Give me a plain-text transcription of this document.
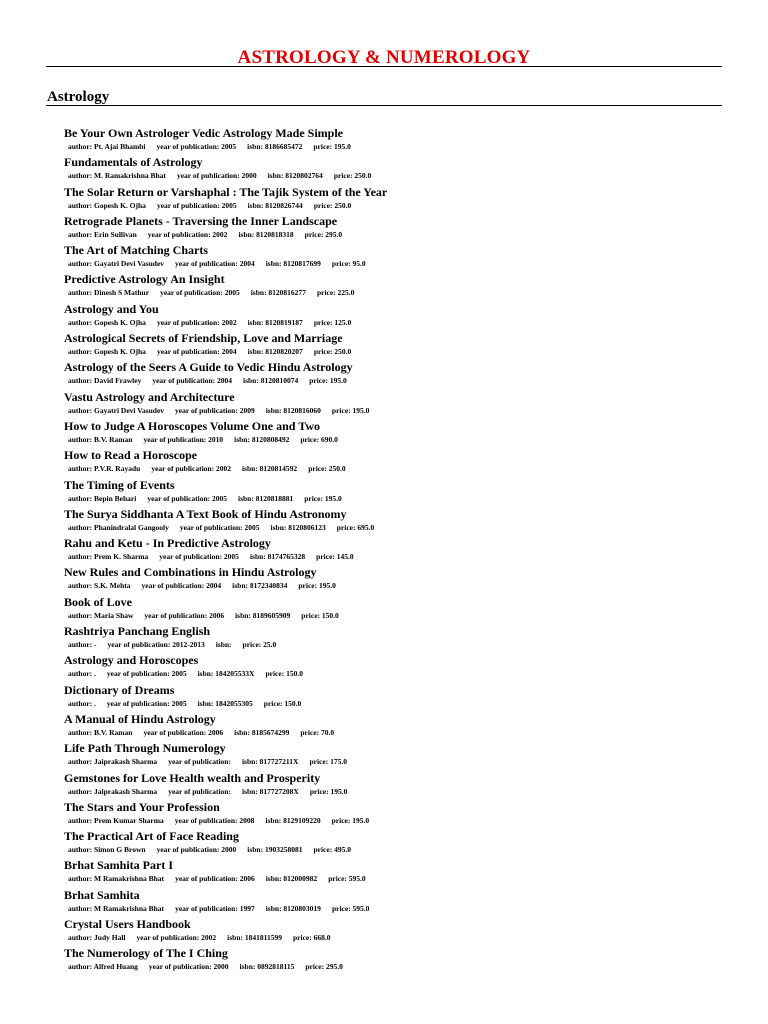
ASTROLOGY & NUMEROLOGY
Astrology
Be Your Own Astrologer Vedic Astrology Made Simple
author: Pt. Ajai Bhambi year of publication: 2005 isbn: 8186685472 price: 195.0
Fundamentals of Astrology
author: M. Ramakrishna Bhat year of publication: 2000 isbn: 8120802764 price: 250.0
The Solar Return or Varshaphal : The Tajik System of the Year
author: Gopesh K. Ojha year of publication: 2005 isbn: 8120826744 price: 250.0
Retrograde Planets - Traversing the Inner Landscape
author: Erin Sullivan year of publication: 2002 isbn: 8120818318 price: 295.0
The Art of Matching Charts
author: Gayatri Devi Vasudev year of publication: 2004 isbn: 8120817699 price: 95.0
Predictive Astrology An Insight
author: Dinesh S Mathur year of publication: 2005 isbn: 8120816277 price: 225.0
Astrology and You
author: Gopesh K. Ojha year of publication: 2002 isbn: 8120819187 price: 125.0
Astrological Secrets of Friendship, Love and Marriage
author: Gopesh K. Ojha year of publication: 2004 isbn: 8120820207 price: 250.0
Astrology of the Seers A Guide to Vedic Hindu Astrology
author: David Frawley year of publication: 2004 isbn: 8120810074 price: 195.0
Vastu Astrology and Architecture
author: Gayatri Devi Vasudev year of publication: 2009 isbn: 8120816060 price: 195.0
How to Judge A Horoscopes Volume One and Two
author: B.V. Raman year of publication: 2010 isbn: 8120808492 price: 690.0
How to Read a Horoscope
author: P.V.R. Rayadu year of publication: 2002 isbn: 8120814592 price: 250.0
The Timing of Events
author: Bepin Behari year of publication: 2005 isbn: 8120818881 price: 195.0
The Surya Siddhanta A Text Book of Hindu Astronomy
author: Phanindralal Gangooly year of publication: 2005 isbn: 8120806123 price: 695.0
Rahu and Ketu - In Predictive Astrology
author: Prem K. Sharma year of publication: 2005 isbn: 8174765328 price: 145.0
New Rules and Combinations in Hindu Astrology
author: S.K. Mehta year of publication: 2004 isbn: 8172340834 price: 195.0
Book of Love
author: Maria Shaw year of publication: 2006 isbn: 8189605909 price: 150.0
Rashtriya Panchang English
author: - year of publication: 2012-2013 isbn: price: 25.0
Astrology and Horoscopes
author: . year of publication: 2005 isbn: 184205533X price: 150.0
Dictionary of Dreams
author: . year of publication: 2005 isbn: 1842055305 price: 150.0
A Manual of Hindu Astrology
author: B.V. Raman year of publication: 2006 isbn: 8185674299 price: 70.0
Life Path Through Numerology
author: Jaiprakash Sharma year of publication: isbn: 817727211X price: 175.0
Gemstones for Love Health wealth and Prosperity
author: Jaiprakash Sharma year of publication: isbn: 817727208X price: 195.0
The Stars and Your Profession
author: Prem Kumar Sharma year of publication: 2008 isbn: 8129109220 price: 195.0
The Practical Art of Face Reading
author: Simon G Brown year of publication: 2000 isbn: 1903258081 price: 495.0
Brhat Samhita Part I
author: M Ramakrishna Bhat year of publication: 2006 isbn: 812000982 price: 595.0
Brhat Samhita
author: M Ramakrishna Bhat year of publication: 1997 isbn: 8120803019 price: 595.0
Crystal Users Handbook
author: Judy Hall year of publication: 2002 isbn: 1841811599 price: 668.0
The Numerology of The I Ching
author: Alfred Huang year of publication: 2000 isbn: 0892818115 price: 295.0
